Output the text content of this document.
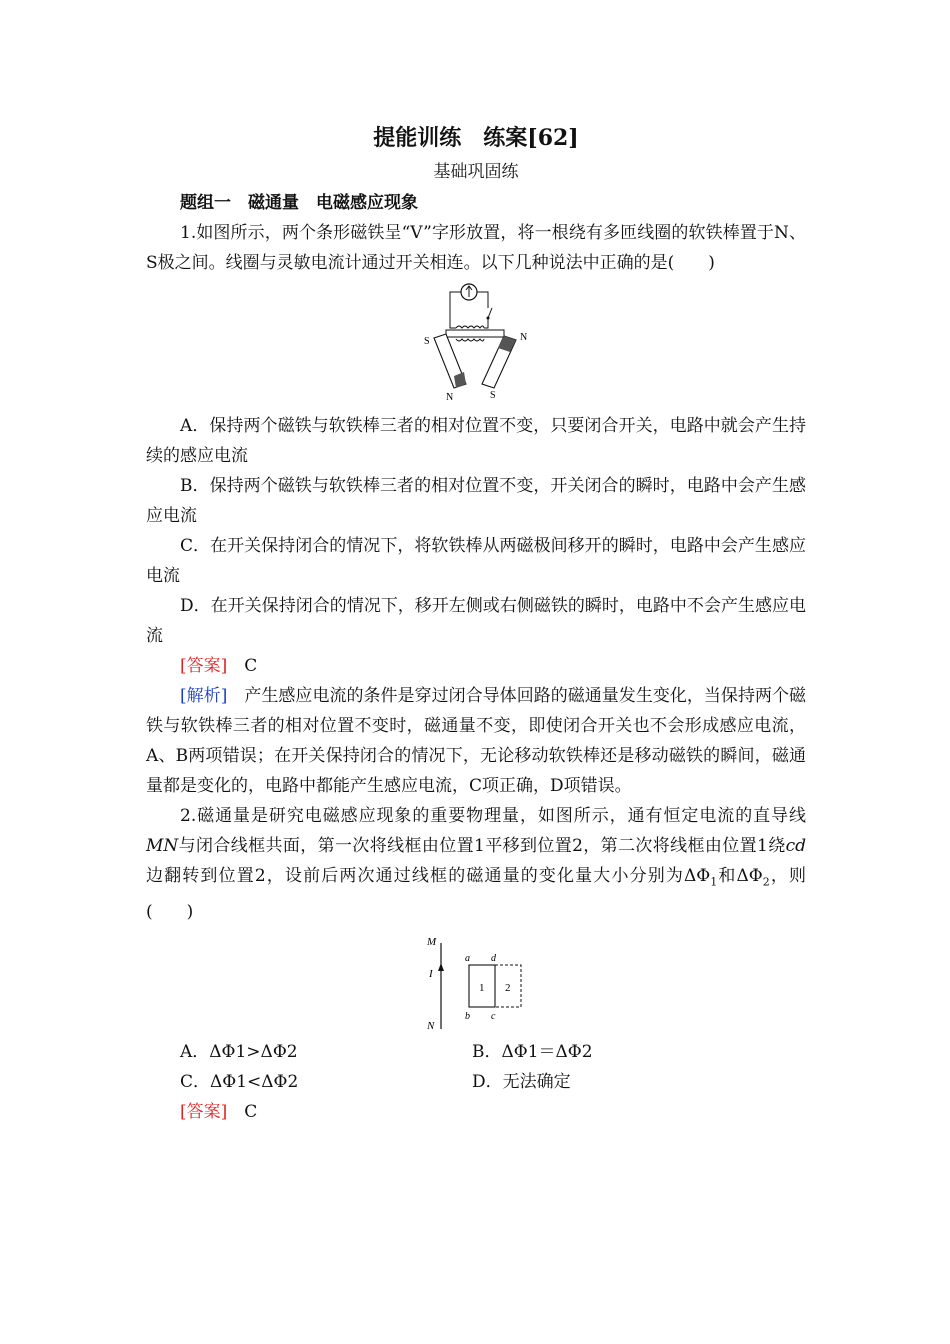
提能训练　练案[62]
基础巩固练
题组一　磁通量　电磁感应现象

1.如图所示，两个条形磁铁呈“V”字形放置，将一根绕有多匝线圈的软铁棒置于N、S极之间。线圈与灵敏电流计通过开关相连。以下几种说法中正确的是(　　)

S	N
N	S

A．保持两个磁铁与软铁棒三者的相对位置不变，只要闭合开关，电路中就会产生持续的感应电流

B．保持两个磁铁与软铁棒三者的相对位置不变，开关闭合的瞬时，电路中会产生感应电流

C．在开关保持闭合的情况下，将软铁棒从两磁极间移开的瞬时，电路中会产生感应电流

D．在开关保持闭合的情况下，移开左侧或右侧磁铁的瞬时，电路中不会产生感应电流

[答案]　 C

[解析]　 产生感应电流的条件是穿过闭合导体回路的磁通量发生变化，当保持两个磁铁与软铁棒三者的相对位置不变时，磁通量不变，即使闭合开关也不会形成感应电流，A、B两项错误；在开关保持闭合的情况下，无论移动软铁棒还是移动磁铁的瞬间，磁通量都是变化的，电路中都能产生感应电流，C项正确，D项错误。

2.磁通量是研究电磁感应现象的重要物理量，如图所示，通有恒定电流的直导线MN与闭合线框共面，第一次将线框由位置1平移到位置2，第二次将线框由位置1绕cd边翻转到位置2，设前后两次通过线框的磁通量的变化量大小分别为$\Delta\Phi_1$和$\Delta\Phi_2$，则(　　)

M
I
N
a d
b c
1 2
A．ΔΦ1>ΔΦ2	B．ΔΦ1＝ΔΦ2
C．ΔΦ1<ΔΦ2	D．无法确定

[答案]　 C
